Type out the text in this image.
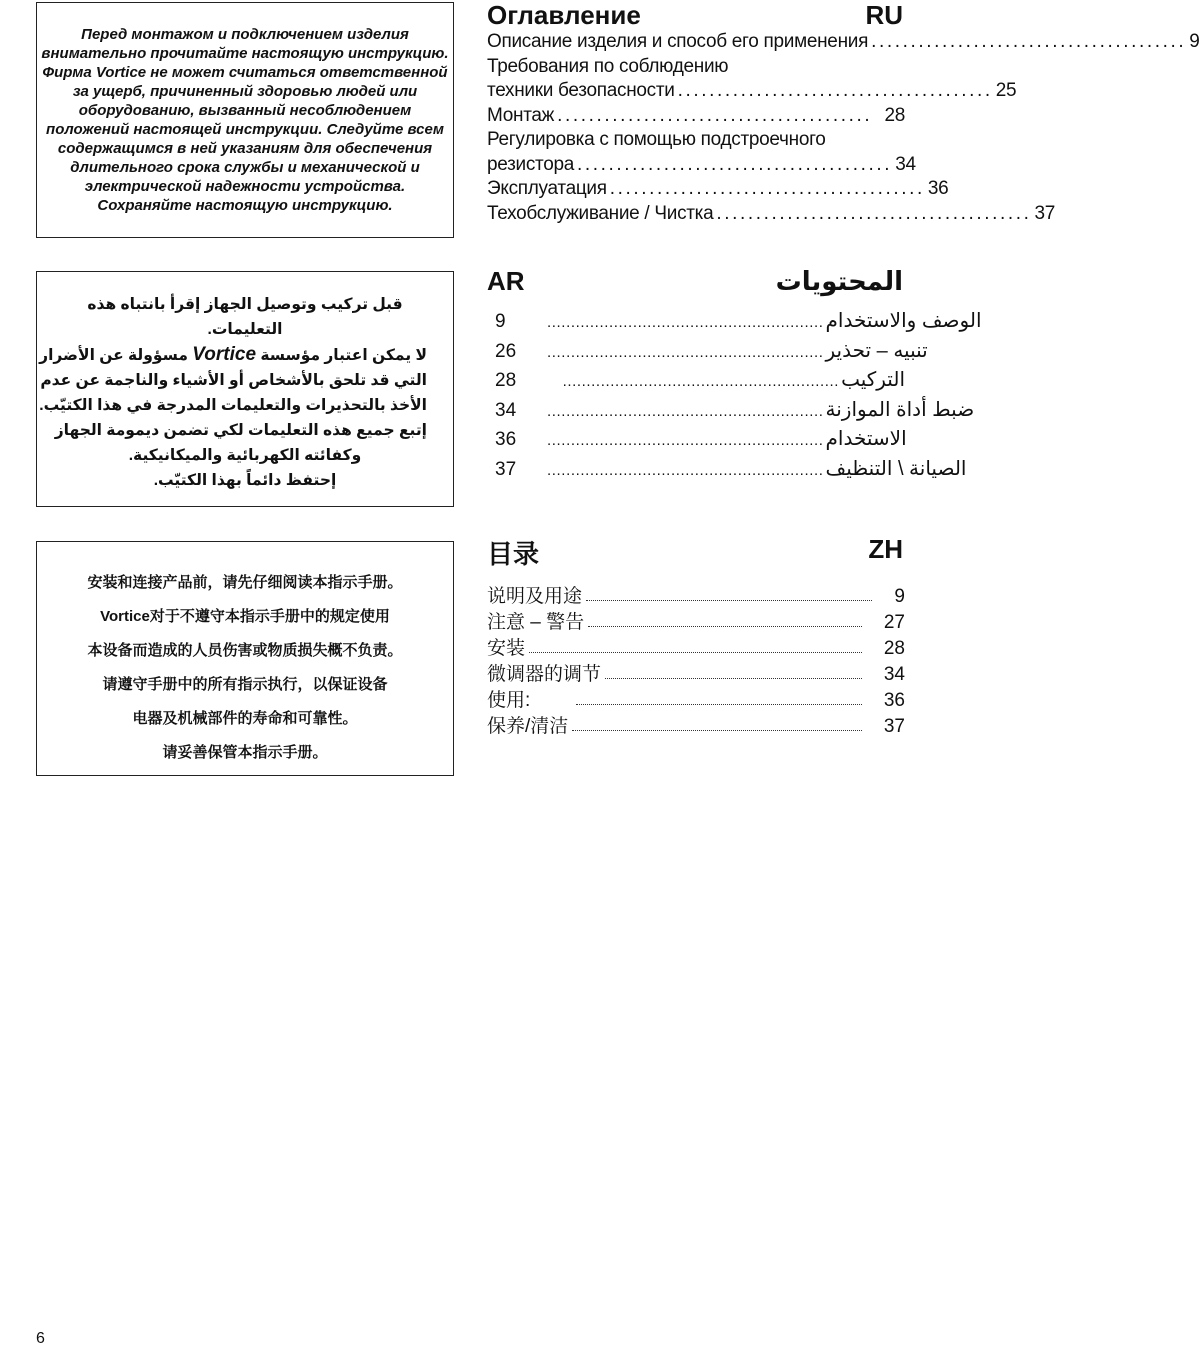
Перед монтажом и подключением изделия
внимательно прочитайте настоящую инструкцию.
Фирма Vortice не может считаться ответственной
за ущерб, причиненный здоровью людей или
оборудованию, вызванный несоблюдением
положений настоящей инструкции. Следуйте всем
содержащимся в ней указаниям для обеспечения
длительного срока службы и механической и
электрической надежности устройства.
Сохраняйте настоящую инструкцию.
قبل تركيب وتوصيل الجهاز إقرأ بانتباه هذه
التعليمات.
لا يمكن اعتبار مؤسسة Vortice مسؤولة عن الأضرار
التي قد تلحق بالأشخاص أو الأشياء والناجمة عن عدم
الأخذ بالتحذيرات والتعليمات المدرجة في هذا الكتيّب.
إتبع جميع هذه التعليمات لكي تضمن ديمومة الجهاز
وكفائته الكهربائية والميكانيكية.
إحتفظ دائماً بهذا الكتيّب.
安装和连接产品前，请先仔细阅读本指示手册。
Vortice对于不遵守本指示手册中的规定使用
本设备而造成的人员伤害或物质损失概不负责。
请遵守手册中的所有指示执行，以保证设备
电器及机械部件的寿命和可靠性。
请妥善保管本指示手册。
Оглавление	RU
Описание изделия и способ его применения ........................................ 9
Требования по соблюдению
техники безопасности ........................................ 25
Монтаж ........................................ 28
Регулировка с помощью подстроечного
резистора ........................................ 34
Эксплуатация ........................................ 36
Техобслуживание / Чистка ........................................ 37
AR	المحتويات
9	.......................................................... الوصف والاستخدام
26	.......................................................... تنبيه – تحذير
28	.......................................................... التركيب
34	.......................................................... ضبط أداة الموازنة
36	.......................................................... الاستخدام
37	.......................................................... الصيانة \ التنظيف
目录	ZH
说明及用途	9
注意 – 警告	27
安装	28
微调器的调节	34
使用:	36
保养/清洁	37
6
